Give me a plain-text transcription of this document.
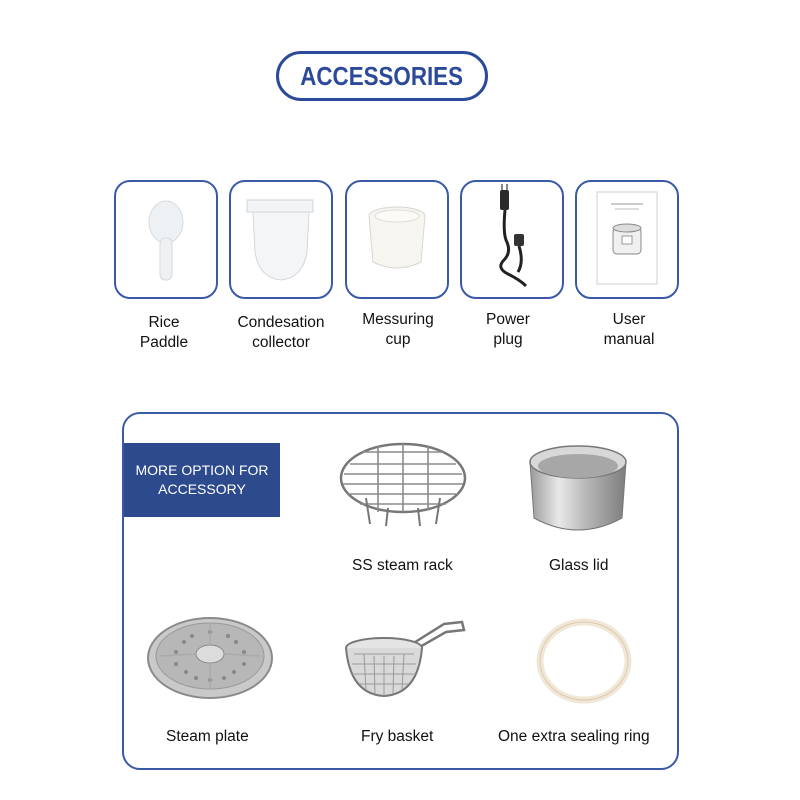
ACCESSORIES
Rice
Paddle
Condesation
collector
Messuring
cup
Power
plug
User
manual
MORE OPTION FOR
ACCESSORY
SS steam rack	Glass lid
Steam plate	Fry basket	One extra sealing ring
